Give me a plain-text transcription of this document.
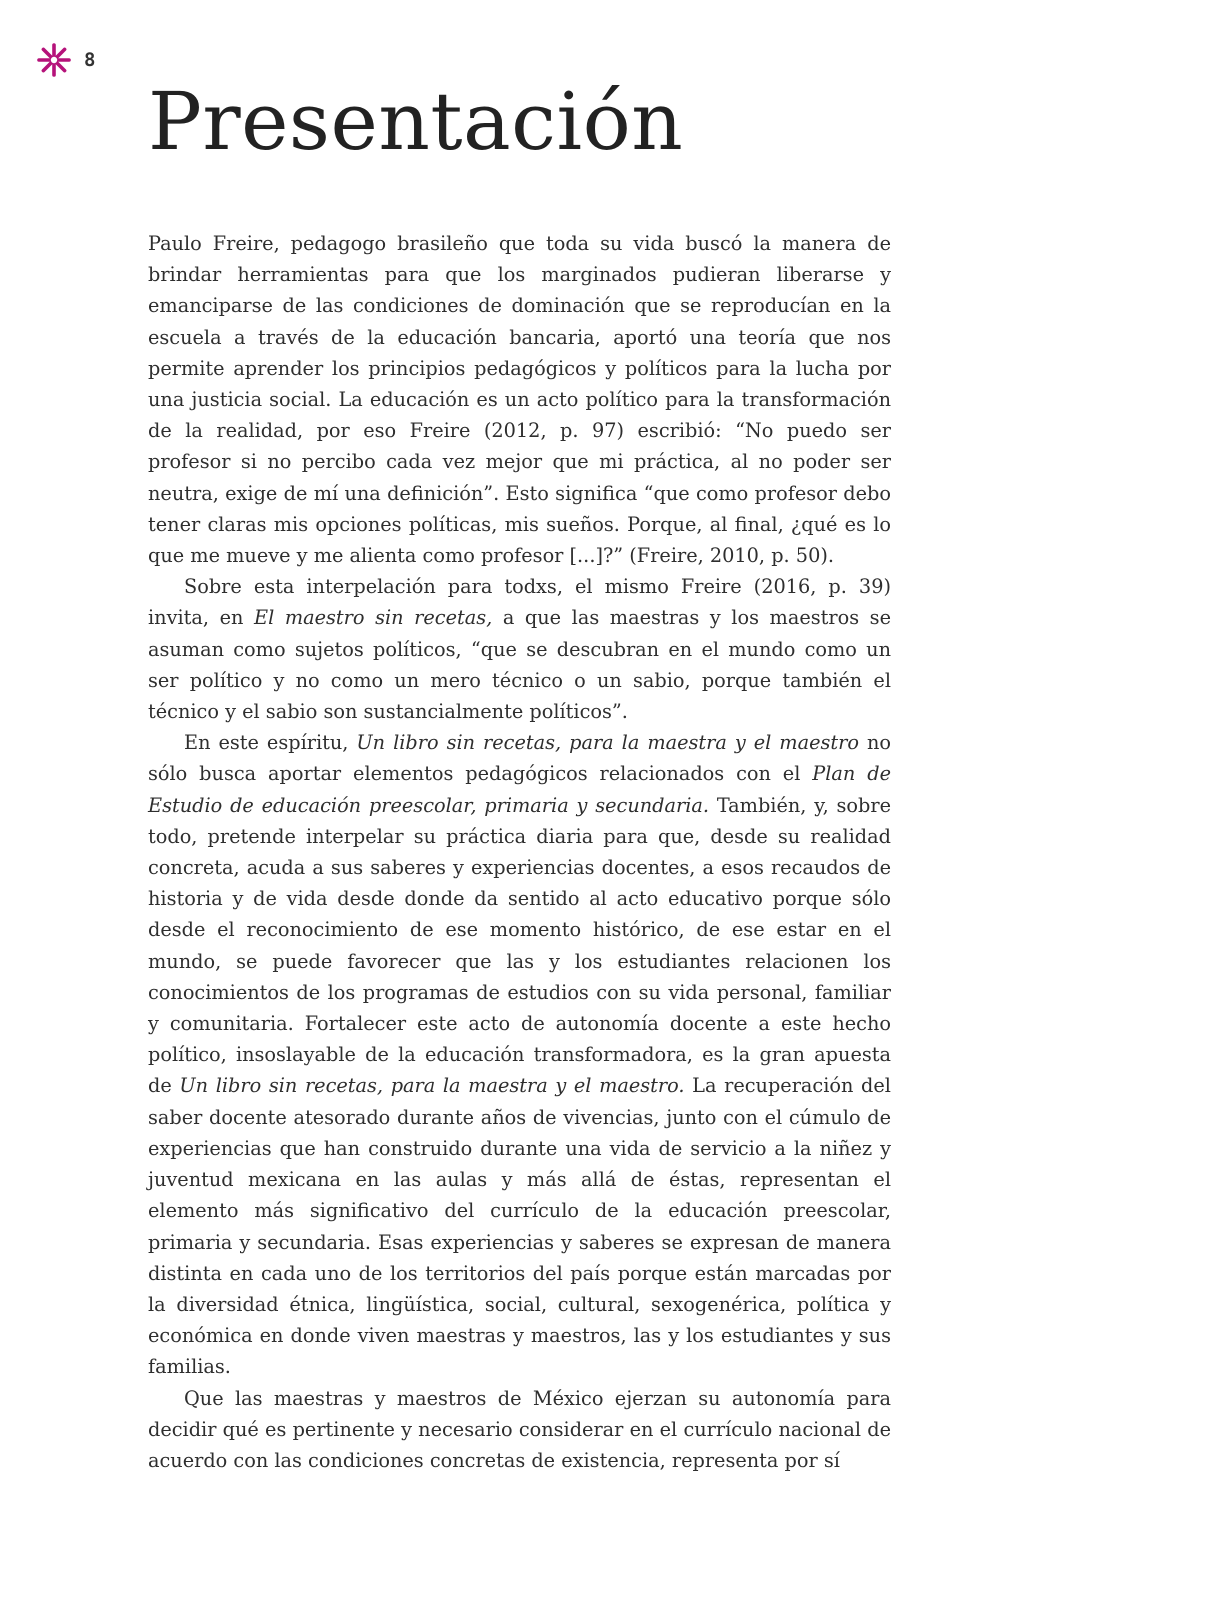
8
Presentación

Paulo Freire, pedagogo brasileño que toda su vida buscó la manera de brindar herramientas para que los marginados pudieran liberarse y emanciparse de las condiciones de dominación que se reproducían en la escuela a través de la educación bancaria, aportó una teoría que nos permite aprender los principios pedagógicos y políticos para la lucha por una justicia social. La educación es un acto político para la transformación de la realidad, por eso Freire (2012, p. 97) escribió: “No puedo ser profesor si no percibo cada vez mejor que mi práctica, al no poder ser neutra, exige de mí una definición”. Esto significa “que como profesor debo tener claras mis opciones políticas, mis sueños. Porque, al final, ¿qué es lo que me mueve y me alienta como profesor [...]?” (Freire, 2010, p. 50).

Sobre esta interpelación para todxs, el mismo Freire (2016, p. 39) invita, en El maestro sin recetas, a que las maestras y los maestros se asuman como sujetos políticos, “que se descubran en el mundo como un ser político y no como un mero técnico o un sabio, porque también el técnico y el sabio son sustancialmente políticos”.

En este espíritu, Un libro sin recetas, para la maestra y el maestro no sólo busca aportar elementos pedagógicos relacionados con el Plan de Estudio de educación preescolar, primaria y secundaria. También, y, sobre todo, pretende interpelar su práctica diaria para que, desde su realidad concreta, acuda a sus saberes y experiencias docentes, a esos recaudos de historia y de vida desde donde da sentido al acto educativo porque sólo desde el reconocimiento de ese momento histórico, de ese estar en el mundo, se puede favorecer que las y los estudiantes relacionen los conocimientos de los programas de estudios con su vida personal, familiar y comunitaria. Fortalecer este acto de autonomía docente a este hecho político, insoslayable de la educación transformadora, es la gran apuesta de Un libro sin recetas, para la maestra y el maestro. La recuperación del saber docente atesorado durante años de vivencias, junto con el cúmulo de experiencias que han construido durante una vida de servicio a la niñez y juventud mexicana en las aulas y más allá de éstas, representan el elemento más significativo del currículo de la educación preescolar, primaria y secundaria. Esas experiencias y saberes se expresan de manera distinta en cada uno de los territorios del país porque están marcadas por la diversidad étnica, lingüística, social, cultural, sexogenérica, política y económica en donde viven maestras y maestros, las y los estudiantes y sus familias.

Que las maestras y maestros de México ejerzan su autonomía para decidir qué es pertinente y necesario considerar en el currículo nacional de acuerdo con las condiciones concretas de existencia, representa por sí
